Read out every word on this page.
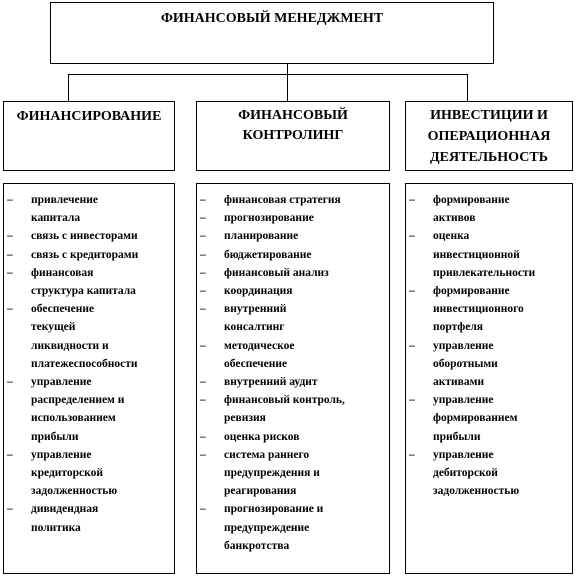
ФИНАНСОВЫЙ МЕНЕДЖМЕНТ
ФИНАНСИРОВАНИЕ	ФИНАНСОВЫЙ
КОНТРОЛИНГ
ИНВЕСТИЦИИ И
ОПЕРАЦИОННАЯ
ДЕЯТЕЛЬНОСТЬ
– привлечение
капитала
– связь с инвесторами
– связь с кредиторами
– финансовая
структура капитала
– обеспечение
текущей
ликвидности и
платежеспособности
– управление
распределением и
использованием
прибыли
– управление
кредиторской
задолженностью
– дивидендная
политика
– финансовая стратегия
– прогнозирование
– планирование
– бюджетирование
– финансовый анализ
– координация
– внутренний
консалтинг
– методическое
обеспечение
– внутренний аудит
– финансовый контроль,
ревизия
– оценка рисков
– система раннего
предупреждения и
реагирования
– прогнозирование и
предупреждение
банкротства
– формирование
активов
– оценка
инвестиционной
привлекательности
– формирование
инвестиционного
портфеля
– управление
оборотными
активами
– управление
формированием
прибыли
– управление
дебиторской
задолженностью
